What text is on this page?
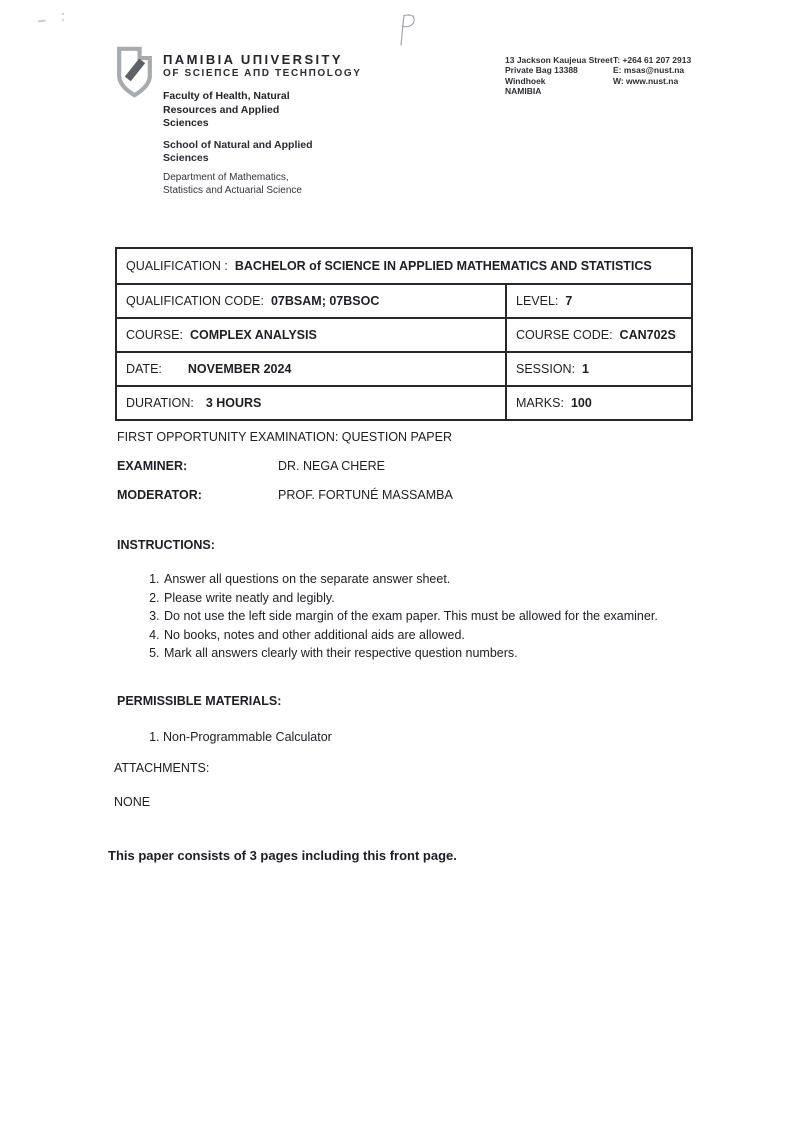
ΠAMIBIA UΠIVERSITY
OF SCIEΠCE AΠD TECHΠOLOGY
Faculty of Health, Natural
Resources and Applied
Sciences
School of Natural and Applied
Sciences
Department of Mathematics,
Statistics and Actuarial Science
13 Jackson Kaujeua Street
Private Bag 13388
Windhoek
NAMIBIA
T: +264 61 207 2913
E: msas@nust.na
W: www.nust.na
QUALIFICATION : BACHELOR of SCIENCE IN APPLIED MATHEMATICS AND STATISTICS
QUALIFICATION CODE: 07BSAM; 07BSOC	LEVEL: 7
COURSE: COMPLEX ANALYSIS	COURSE CODE: CAN702S
DATE: NOVEMBER 2024	SESSION: 1
DURATION: 3 HOURS	MARKS: 100
FIRST OPPORTUNITY EXAMINATION: QUESTION PAPER
EXAMINER:	DR. NEGA CHERE
MODERATOR:	PROF. FORTUNÉ MASSAMBA
INSTRUCTIONS:
1. Answer all questions on the separate answer sheet.
2. Please write neatly and legibly.
3. Do not use the left side margin of the exam paper. This must be allowed for the examiner.
4. No books, notes and other additional aids are allowed.
5. Mark all answers clearly with their respective question numbers.
PERMISSIBLE MATERIALS:
1. Non-Programmable Calculator
ATTACHMENTS:
NONE
This paper consists of 3 pages including this front page.
